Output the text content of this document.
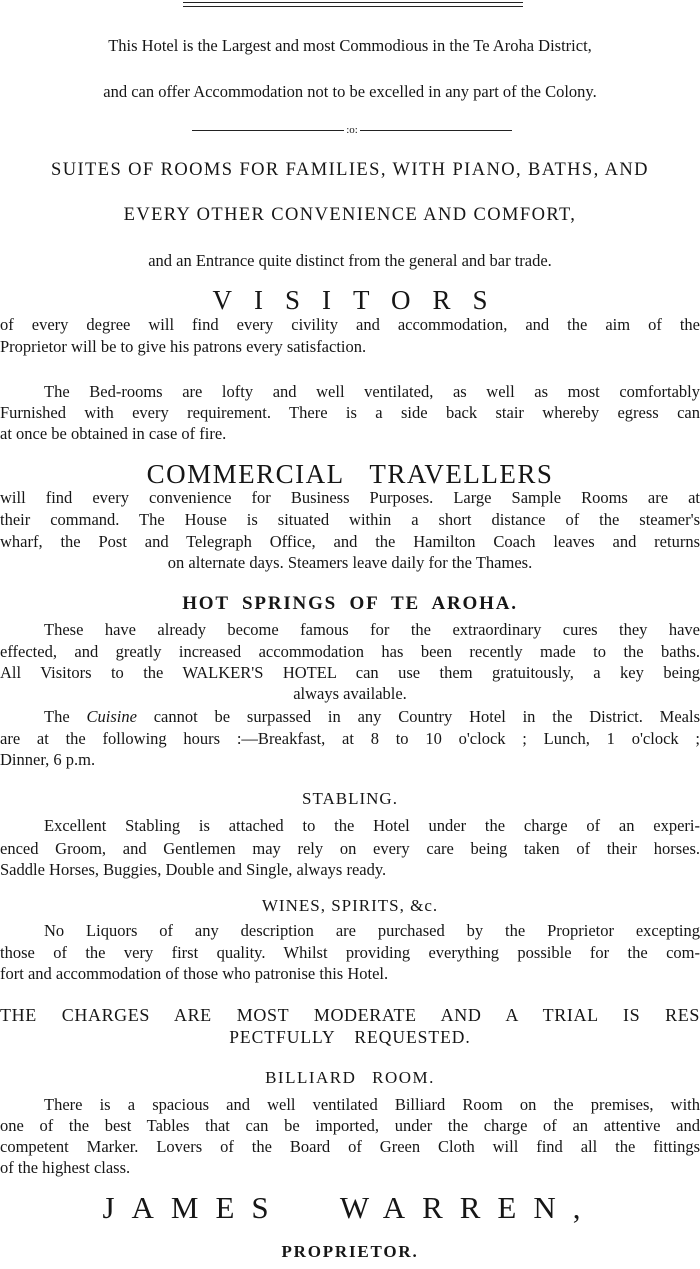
This Hotel is the Largest and most Commodious in the Te Aroha District,
and can offer Accommodation not to be excelled in any part of the Colony.
:o:
SUITES OF ROOMS FOR FAMILIES, WITH PIANO, BATHS, AND
EVERY OTHER CONVENIENCE AND COMFORT,
and an Entrance quite distinct from the general and bar trade.
VISITORS
of every degree will find every civility and accommodation, and the aim of the
Proprietor will be to give his patrons every satisfaction.
The Bed-rooms are lofty and well ventilated, as well as most comfortably
Furnished with every requirement. There is a side back stair whereby egress can
at once be obtained in case of fire.
COMMERCIAL TRAVELLERS
will find every convenience for Business Purposes. Large Sample Rooms are at
their command. The House is situated within a short distance of the steamer's
wharf, the Post and Telegraph Office, and the Hamilton Coach leaves and returns
on alternate days. Steamers leave daily for the Thames.
HOT SPRINGS OF TE AROHA.
These have already become famous for the extraordinary cures they have
effected, and greatly increased accommodation has been recently made to the baths.
All Visitors to the WALKER'S HOTEL can use them gratuitously, a key being
always available.
The Cuisine cannot be surpassed in any Country Hotel in the District. Meals
are at the following hours :—Breakfast, at 8 to 10 o'clock ; Lunch, 1 o'clock ;
Dinner, 6 p.m.
STABLING.
Excellent Stabling is attached to the Hotel under the charge of an experi-
enced Groom, and Gentlemen may rely on every care being taken of their horses.
Saddle Horses, Buggies, Double and Single, always ready.
WINES, SPIRITS, &c.
No Liquors of any description are purchased by the Proprietor excepting
those of the very first quality. Whilst providing everything possible for the com-
fort and accommodation of those who patronise this Hotel.
THE CHARGES ARE MOST MODERATE AND A TRIAL IS RES
PECTFULLY REQUESTED.
BILLIARD ROOM.
There is a spacious and well ventilated Billiard Room on the premises, with
one of the best Tables that can be imported, under the charge of an attentive and
competent Marker. Lovers of the Board of Green Cloth will find all the fittings
of the highest class.
JAMES WARREN,
PROPRIETOR.
